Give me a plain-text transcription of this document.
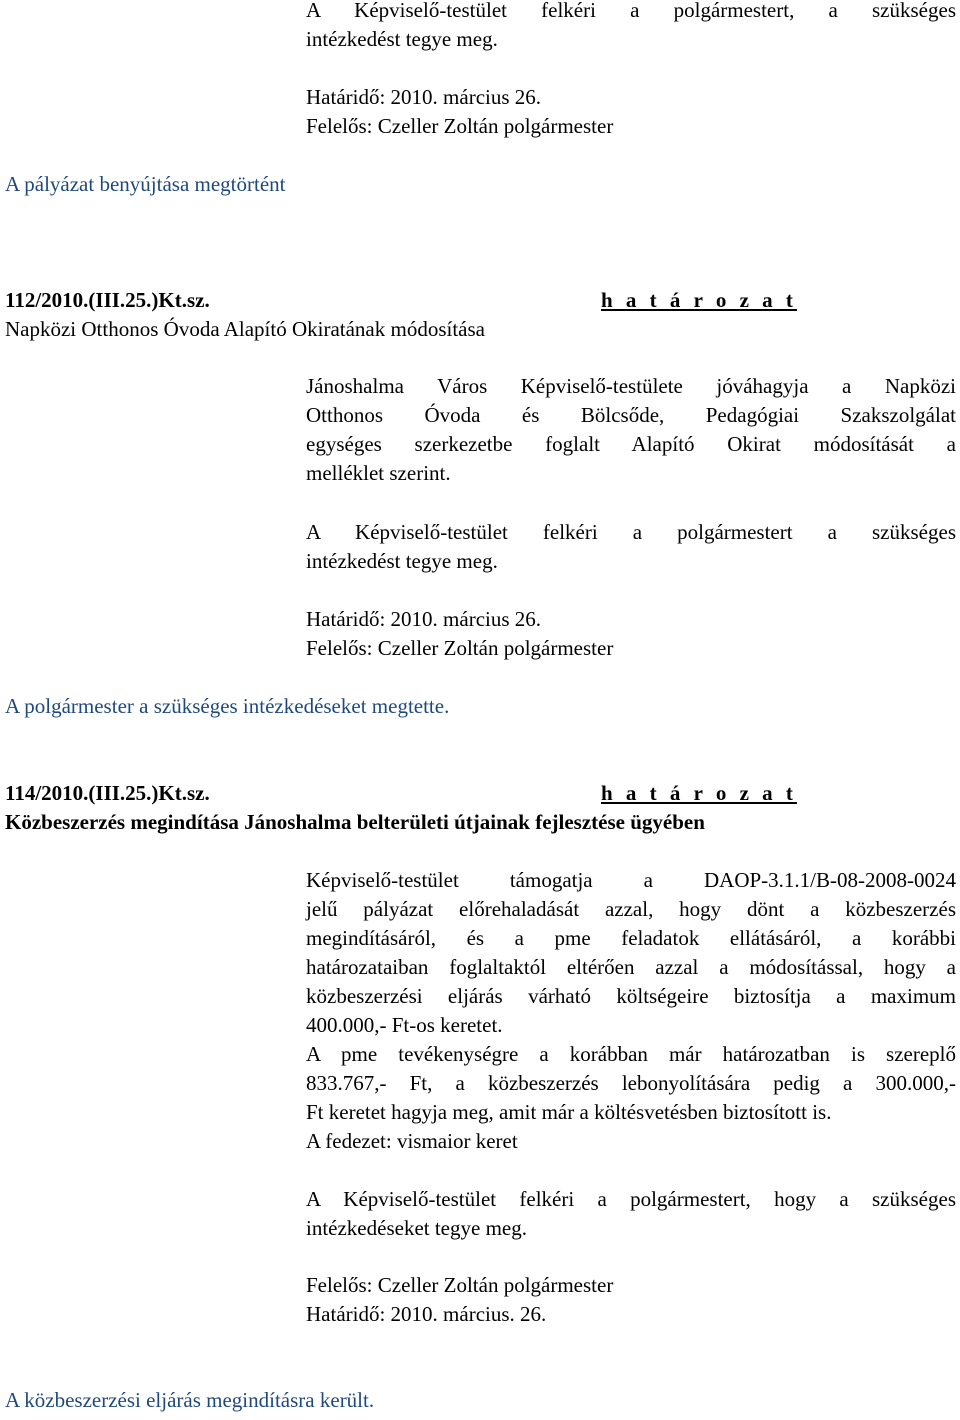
A Képviselő-testület felkéri a polgármestert, a szükséges
intézkedést tegye meg.
Határidő: 2010. március 26.
Felelős: Czeller Zoltán polgármester
A pályázat benyújtása megtörtént
112/2010.(III.25.)Kt.sz.	h a t á r o z a t
Napközi Otthonos Óvoda Alapító Okiratának módosítása
Jánoshalma Város Képviselő-testülete jóváhagyja a Napközi
Otthonos Óvoda és Bölcsőde, Pedagógiai Szakszolgálat
egységes szerkezetbe foglalt Alapító Okirat módosítását a
melléklet szerint.
A Képviselő-testület felkéri a polgármestert a szükséges
intézkedést tegye meg.
Határidő: 2010. március 26.
Felelős: Czeller Zoltán polgármester
A polgármester a szükséges intézkedéseket megtette.
114/2010.(III.25.)Kt.sz.	h a t á r o z a t
Közbeszerzés megindítása Jánoshalma belterületi útjainak fejlesztése ügyében
Képviselő-testület támogatja a DAOP-3.1.1/B-08-2008-0024
jelű pályázat előrehaladását azzal, hogy dönt a közbeszerzés
megindításáról, és a pme feladatok ellátásáról, a korábbi
határozataiban foglaltaktól eltérően azzal a módosítással, hogy a
közbeszerzési eljárás várható költségeire biztosítja a maximum
400.000,- Ft-os keretet.
A pme tevékenységre a korábban már határozatban is szereplő
833.767,- Ft, a közbeszerzés lebonyolítására pedig a 300.000,-
Ft keretet hagyja meg, amit már a költésvetésben biztosított is.
A fedezet: vismaior keret
A Képviselő-testület felkéri a polgármestert, hogy a szükséges
intézkedéseket tegye meg.
Felelős: Czeller Zoltán polgármester
Határidő: 2010. március. 26.
A közbeszerzési eljárás megindításra került.
